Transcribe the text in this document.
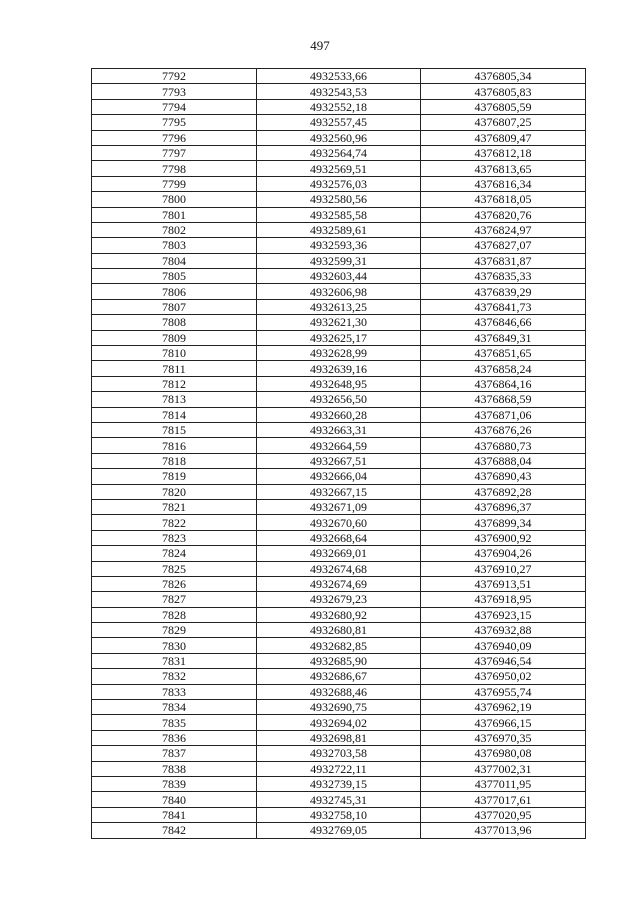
497
7792	4932533,66	4376805,34
7793	4932543,53	4376805,83
7794	4932552,18	4376805,59
7795	4932557,45	4376807,25
7796	4932560,96	4376809,47
7797	4932564,74	4376812,18
7798	4932569,51	4376813,65
7799	4932576,03	4376816,34
7800	4932580,56	4376818,05
7801	4932585,58	4376820,76
7802	4932589,61	4376824,97
7803	4932593,36	4376827,07
7804	4932599,31	4376831,87
7805	4932603,44	4376835,33
7806	4932606,98	4376839,29
7807	4932613,25	4376841,73
7808	4932621,30	4376846,66
7809	4932625,17	4376849,31
7810	4932628,99	4376851,65
7811	4932639,16	4376858,24
7812	4932648,95	4376864,16
7813	4932656,50	4376868,59
7814	4932660,28	4376871,06
7815	4932663,31	4376876,26
7816	4932664,59	4376880,73
7818	4932667,51	4376888,04
7819	4932666,04	4376890,43
7820	4932667,15	4376892,28
7821	4932671,09	4376896,37
7822	4932670,60	4376899,34
7823	4932668,64	4376900,92
7824	4932669,01	4376904,26
7825	4932674,68	4376910,27
7826	4932674,69	4376913,51
7827	4932679,23	4376918,95
7828	4932680,92	4376923,15
7829	4932680,81	4376932,88
7830	4932682,85	4376940,09
7831	4932685,90	4376946,54
7832	4932686,67	4376950,02
7833	4932688,46	4376955,74
7834	4932690,75	4376962,19
7835	4932694,02	4376966,15
7836	4932698,81	4376970,35
7837	4932703,58	4376980,08
7838	4932722,11	4377002,31
7839	4932739,15	4377011,95
7840	4932745,31	4377017,61
7841	4932758,10	4377020,95
7842	4932769,05	4377013,96
